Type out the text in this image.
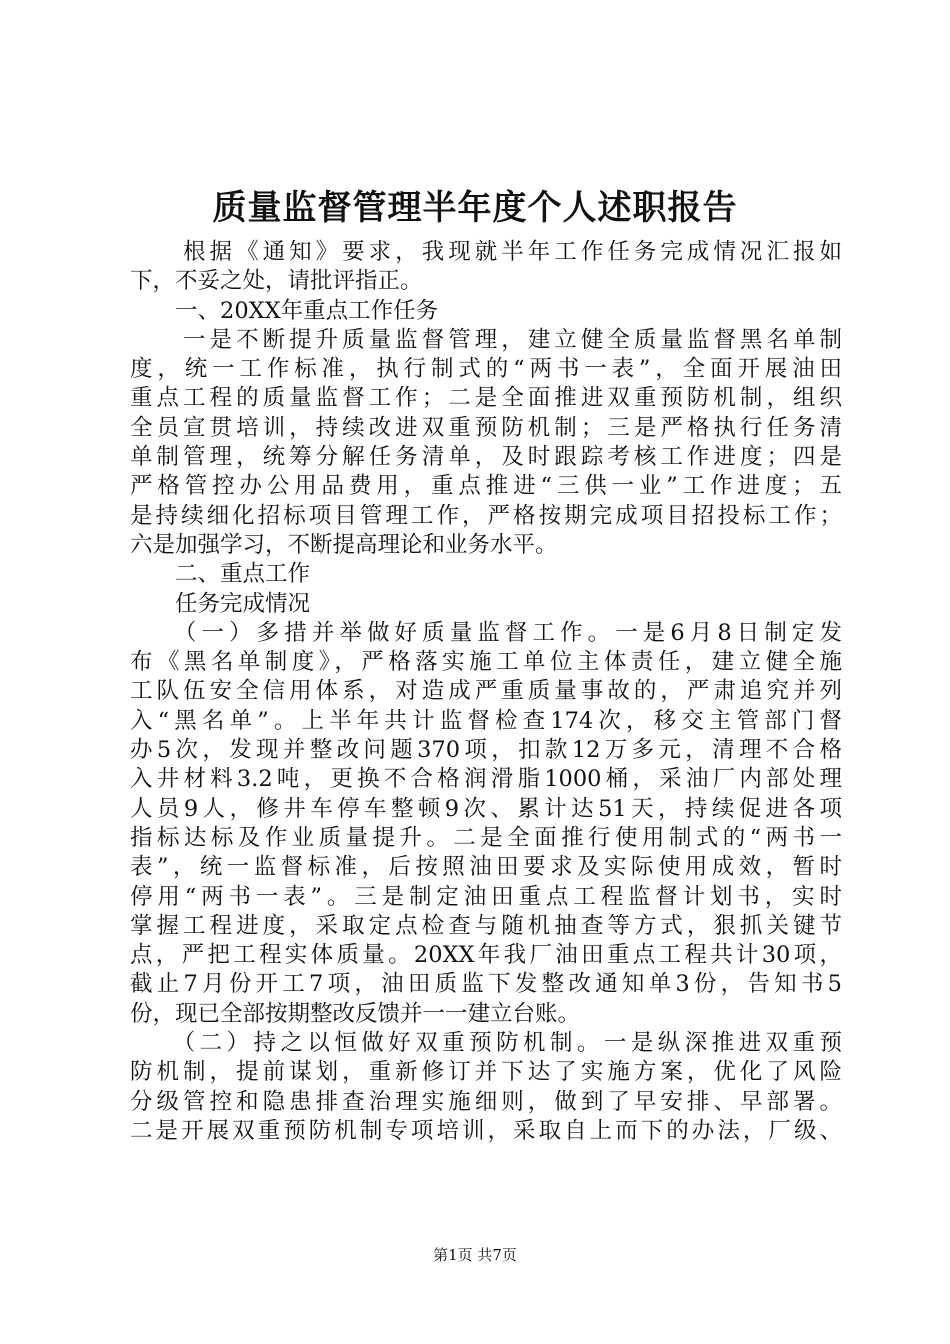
质量监督管理半年度个人述职报告
　　根据《通知》要求，我现就半年工作任务完成情况汇报如
下，不妥之处，请批评指正。
　　一、20XX年重点工作任务
　　一是不断提升质量监督管理，建立健全质量监督黑名单制
度，统一工作标准，执行制式的“两书一表”，全面开展油田
重点工程的质量监督工作；二是全面推进双重预防机制，组织
全员宣贯培训，持续改进双重预防机制；三是严格执行任务清
单制管理，统筹分解任务清单，及时跟踪考核工作进度；四是
严格管控办公用品费用，重点推进“三供一业”工作进度；五
是持续细化招标项目管理工作，严格按期完成项目招投标工作；
六是加强学习，不断提高理论和业务水平。
　　二、重点工作
　　任务完成情况
　　（一）多措并举做好质量监督工作。一是6月8日制定发
布《黑名单制度》，严格落实施工单位主体责任，建立健全施
工队伍安全信用体系，对造成严重质量事故的，严肃追究并列
入“黑名单”。上半年共计监督检查174次，移交主管部门督
办5次，发现并整改问题370项，扣款12万多元，清理不合格
入井材料3.2吨，更换不合格润滑脂1000桶，采油厂内部处理
人员9人，修井车停车整顿9次、累计达51天，持续促进各项
指标达标及作业质量提升。二是全面推行使用制式的“两书一
表”，统一监督标准，后按照油田要求及实际使用成效，暂时
停用“两书一表”。三是制定油田重点工程监督计划书，实时
掌握工程进度，采取定点检查与随机抽查等方式，狠抓关键节
点，严把工程实体质量。20XX年我厂油田重点工程共计30项，
截止7月份开工7项，油田质监下发整改通知单3份，告知书5
份，现已全部按期整改反馈并一一建立台账。
　　（二）持之以恒做好双重预防机制。一是纵深推进双重预
防机制，提前谋划，重新修订并下达了实施方案，优化了风险
分级管控和隐患排查治理实施细则，做到了早安排、早部署。
二是开展双重预防机制专项培训，采取自上而下的办法，厂级、
第1页 共7页
